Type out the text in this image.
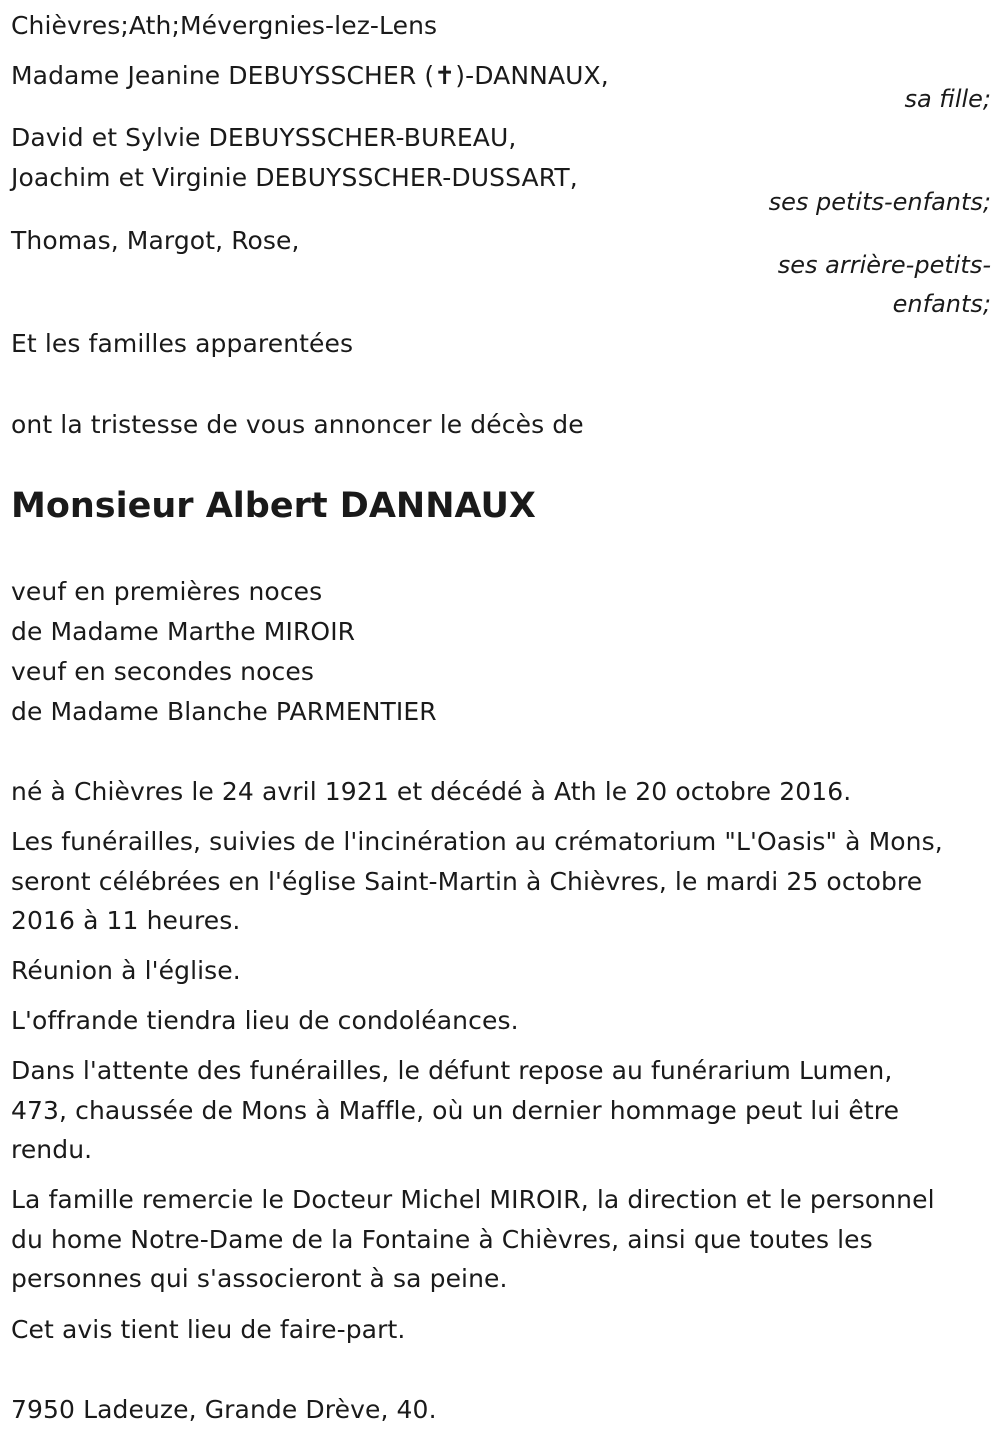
Chièvres;Ath;Mévergnies-lez-Lens
Madame Jeanine DEBUYSSCHER (✝)-DANNAUX,
sa fille;
David et Sylvie DEBUYSSCHER-BUREAU,
Joachim et Virginie DEBUYSSCHER-DUSSART,
ses petits-enfants;
Thomas, Margot, Rose,
ses arrière-petits-
enfants;
Et les familles apparentées
ont la tristesse de vous annoncer le décès de
Monsieur Albert DANNAUX
veuf en premières noces
de Madame Marthe MIROIR
veuf en secondes noces
de Madame Blanche PARMENTIER
né à Chièvres le 24 avril 1921 et décédé à Ath le 20 octobre 2016.
Les funérailles, suivies de l'incinération au crématorium "L'Oasis" à Mons,
seront célébrées en l'église Saint-Martin à Chièvres, le mardi 25 octobre
2016 à 11 heures.
Réunion à l'église.
L'offrande tiendra lieu de condoléances.
Dans l'attente des funérailles, le défunt repose au funérarium Lumen,
473, chaussée de Mons à Maffle, où un dernier hommage peut lui être
rendu.
La famille remercie le Docteur Michel MIROIR, la direction et le personnel
du home Notre-Dame de la Fontaine à Chièvres, ainsi que toutes les
personnes qui s'associeront à sa peine.
Cet avis tient lieu de faire-part.
7950 Ladeuze, Grande Drève, 40.
